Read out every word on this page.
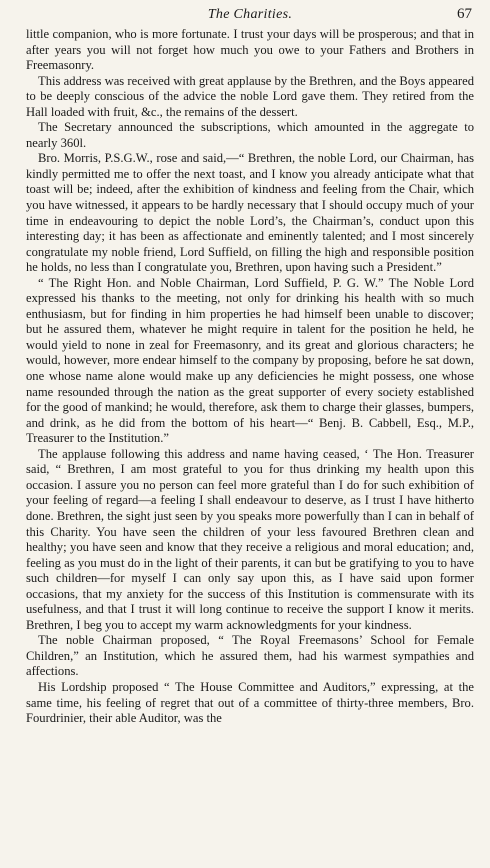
The Charities.	67

little companion, who is more fortunate. I trust your days will be prosperous; and that in after years you will not forget how much you owe to your Fathers and Brothers in Freemasonry.

This address was received with great applause by the Brethren, and the Boys appeared to be deeply conscious of the advice the noble Lord gave them. They retired from the Hall loaded with fruit, &c., the remains of the dessert.

The Secretary announced the subscriptions, which amounted in the aggregate to nearly 360l.

Bro. Morris, P.S.G.W., rose and said,—“ Brethren, the noble Lord, our Chairman, has kindly permitted me to offer the next toast, and I know you already anticipate what that toast will be; indeed, after the exhibition of kindness and feeling from the Chair, which you have witnessed, it appears to be hardly necessary that I should occupy much of your time in endeavouring to depict the noble Lord’s, the Chairman’s, conduct upon this interesting day; it has been as affectionate and eminently talented; and I most sincerely congratulate my noble friend, Lord Suffield, on filling the high and responsible position he holds, no less than I congratulate you, Brethren, upon having such a President.”

“ The Right Hon. and Noble Chairman, Lord Suffield, P. G. W.” The Noble Lord expressed his thanks to the meeting, not only for drinking his health with so much enthusiasm, but for finding in him properties he had himself been unable to discover; but he assured them, whatever he might require in talent for the position he held, he would yield to none in zeal for Freemasonry, and its great and glorious characters; he would, however, more endear himself to the company by proposing, before he sat down, one whose name alone would make up any deficiencies he might possess, one whose name resounded through the nation as the great supporter of every society established for the good of mankind; he would, therefore, ask them to charge their glasses, bumpers, and drink, as he did from the bottom of his heart—“ Benj. B. Cabbell, Esq., M.P., Treasurer to the Institution.”

The applause following this address and name having ceased, ‘ The Hon. Treasurer said, “ Brethren, I am most grateful to you for thus drinking my health upon this occasion. I assure you no person can feel more grateful than I do for such exhibition of your feeling of regard—a feeling I shall endeavour to deserve, as I trust I have hitherto done. Brethren, the sight just seen by you speaks more powerfully than I can in behalf of this Charity. You have seen the children of your less favoured Brethren clean and healthy; you have seen and know that they receive a religious and moral education; and, feeling as you must do in the light of their parents, it can but be gratifying to you to have such children—for myself I can only say upon this, as I have said upon former occasions, that my anxiety for the success of this Institution is commensurate with its usefulness, and that I trust it will long continue to receive the support I know it merits. Brethren, I beg you to accept my warm acknowledgments for your kindness.

The noble Chairman proposed, “ The Royal Freemasons’ School for Female Children,” an Institution, which he assured them, had his warmest sympathies and affections.

His Lordship proposed “ The House Committee and Auditors,” expressing, at the same time, his feeling of regret that out of a committee of thirty-three members, Bro. Fourdrinier, their able Auditor, was the
